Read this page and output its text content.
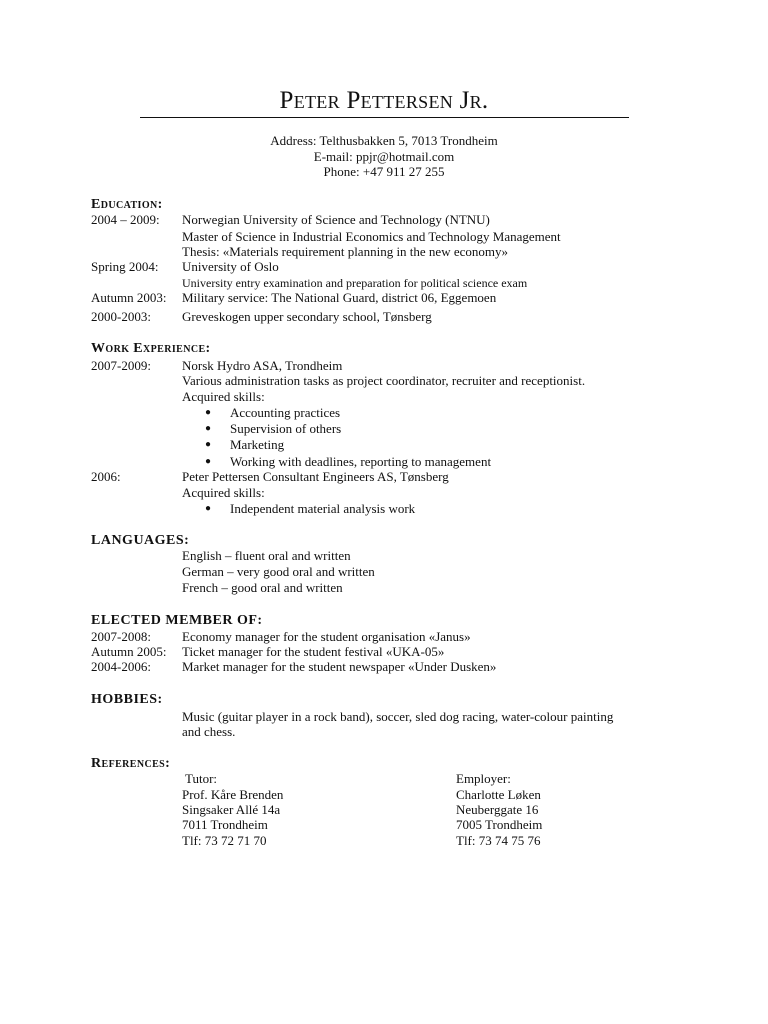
Peter Pettersen Jr.
Address: Telthusbakken 5, 7013 Trondheim
E-mail: ppjr@hotmail.com
Phone: +47 911 27 255
Education:
2004 – 2009: Norwegian University of Science and Technology (NTNU)
Master of Science in Industrial Economics and Technology Management
Thesis: «Materials requirement planning in the new economy»
Spring 2004: University of Oslo
University entry examination and preparation for political science exam
Autumn 2003: Military service: The National Guard, district 06, Eggemoen
2000-2003: Greveskogen upper secondary school, Tønsberg
Work Experience:
2007-2009: Norsk Hydro ASA, Trondheim
Various administration tasks as project coordinator, recruiter and receptionist.
Acquired skills:
● Accounting practices
● Supervision of others
● Marketing
● Working with deadlines, reporting to management
2006:	Peter Pettersen Consultant Engineers AS, Tønsberg
Acquired skills:
● Independent material analysis work
LANGUAGES:
English – fluent oral and written
German – very good oral and written
French – good oral and written
ELECTED MEMBER OF:
2007-2008: Economy manager for the student organisation «Janus»
Autumn 2005: Ticket manager for the student festival «UKA-05»
2004-2006: Market manager for the student newspaper «Under Dusken»
HOBBIES:
Music (guitar player in a rock band), soccer, sled dog racing, water-colour painting
and chess.
References:
Tutor:
Prof. Kåre Brenden
Singsaker Allé 14a
7011 Trondheim
Tlf: 73 72 71 70
Employer:
Charlotte Løken
Neuberggate 16
7005 Trondheim
Tlf: 73 74 75 76
